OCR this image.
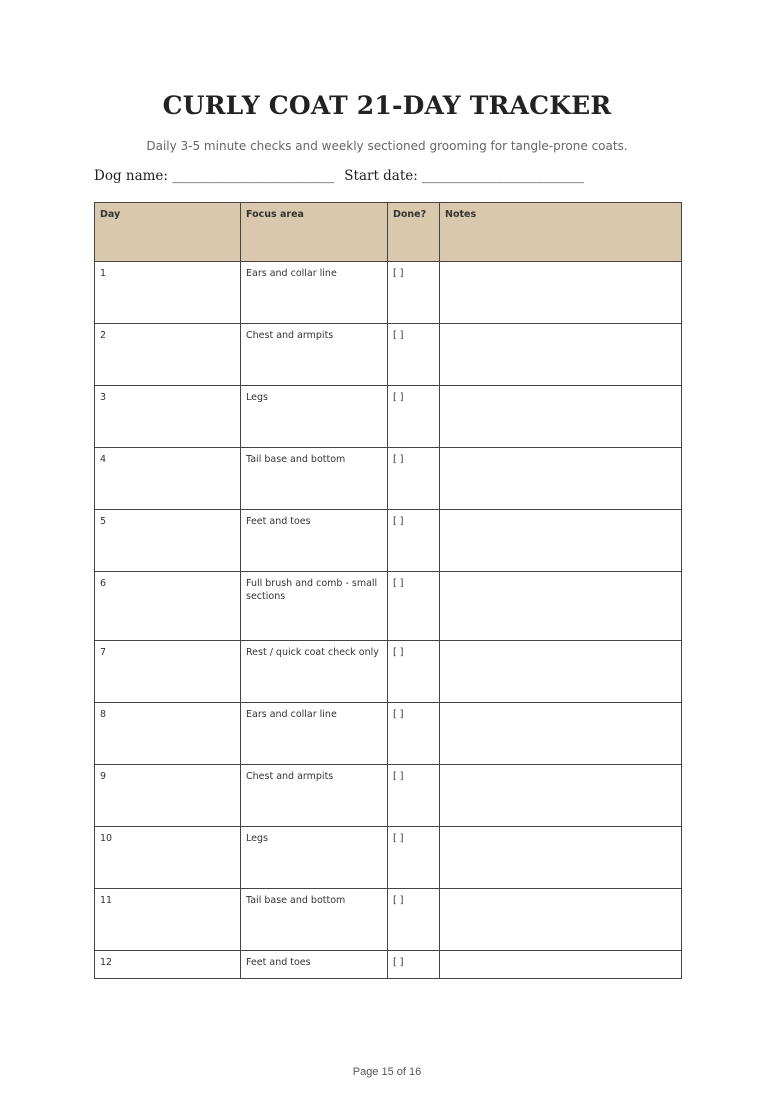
CURLY COAT 21-DAY TRACKER
Daily 3-5 minute checks and weekly sectioned grooming for tangle-prone coats.
Dog name: ________________________ Start date: ________________________
Day	Focus area	Done?	Notes
1	Ears and collar line	[ ]	
2	Chest and armpits	[ ]	
3	Legs	[ ]	
4	Tail base and bottom	[ ]	
5	Feet and toes	[ ]	
6	Full brush and comb - small sections	[ ]	
7	Rest / quick coat check only	[ ]	
8	Ears and collar line	[ ]	
9	Chest and armpits	[ ]	
10	Legs	[ ]	
11	Tail base and bottom	[ ]	
12	Feet and toes	[ ]	
Page 15 of 16
